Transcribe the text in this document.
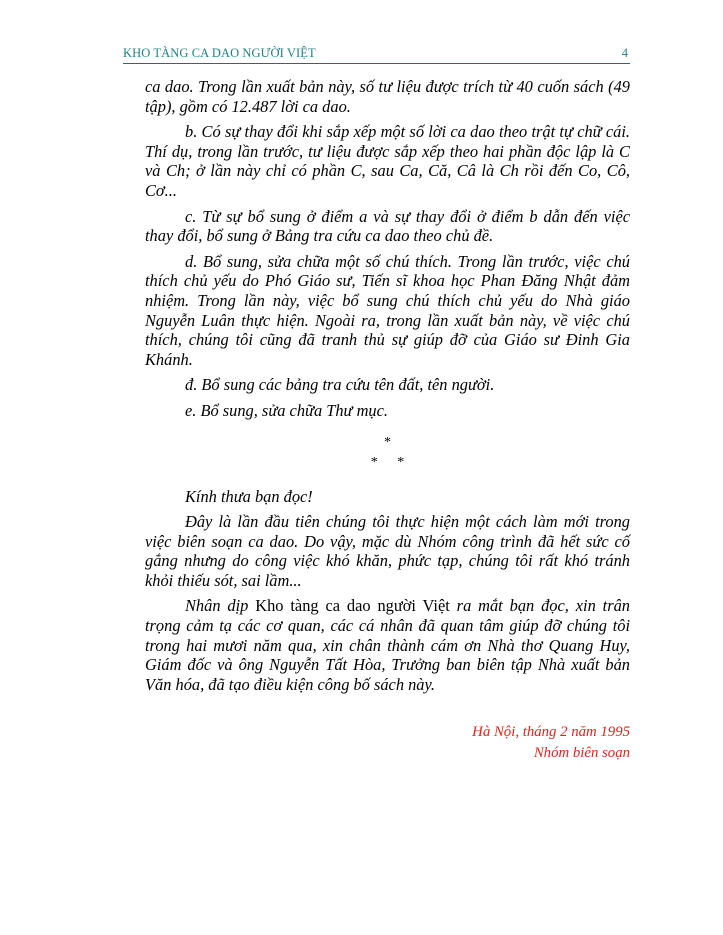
KHO TÀNG CA DAO NGƯỜI VIỆT	4

ca dao. Trong lần xuất bản này, số tư liệu được trích từ 40 cuốn sách (49 tập), gồm có 12.487 lời ca dao.

b. Có sự thay đổi khi sắp xếp một số lời ca dao theo trật tự chữ cái. Thí dụ, trong lần trước, tư liệu được sắp xếp theo hai phần độc lập là C và Ch; ở lần này chỉ có phần C, sau Ca, Că, Câ là Ch rồi đến Co, Cô, Cơ...

c. Từ sự bổ sung ở điểm a và sự thay đổi ở điểm b dẫn đến việc thay đổi, bổ sung ở Bảng tra cứu ca dao theo chủ đề.

d. Bổ sung, sửa chữa một số chú thích. Trong lần trước, việc chú thích chủ yếu do Phó Giáo sư, Tiến sĩ khoa học Phan Đăng Nhật đảm nhiệm. Trong lần này, việc bổ sung chú thích chủ yếu do Nhà giáo Nguyễn Luân thực hiện. Ngoài ra, trong lần xuất bản này, về việc chú thích, chúng tôi cũng đã tranh thủ sự giúp đỡ của Giáo sư Đinh Gia Khánh.

đ. Bổ sung các bảng tra cứu tên đất, tên người.

e. Bổ sung, sửa chữa Thư mục.

*
* *

Kính thưa bạn đọc!

Đây là lần đầu tiên chúng tôi thực hiện một cách làm mới trong việc biên soạn ca dao. Do vậy, mặc dù Nhóm công trình đã hết sức cố gắng nhưng do công việc khó khăn, phức tạp, chúng tôi rất khó tránh khỏi thiếu sót, sai lầm...

Nhân dịp Kho tàng ca dao người Việt ra mắt bạn đọc, xin trân trọng cảm tạ các cơ quan, các cá nhân đã quan tâm giúp đỡ chúng tôi trong hai mươi năm qua, xin chân thành cám ơn Nhà thơ Quang Huy, Giám đốc và ông Nguyễn Tất Hòa, Trưởng ban biên tập Nhà xuất bản Văn hóa, đã tạo điều kiện công bố sách này.

Hà Nội, tháng 2 năm 1995
Nhóm biên soạn
